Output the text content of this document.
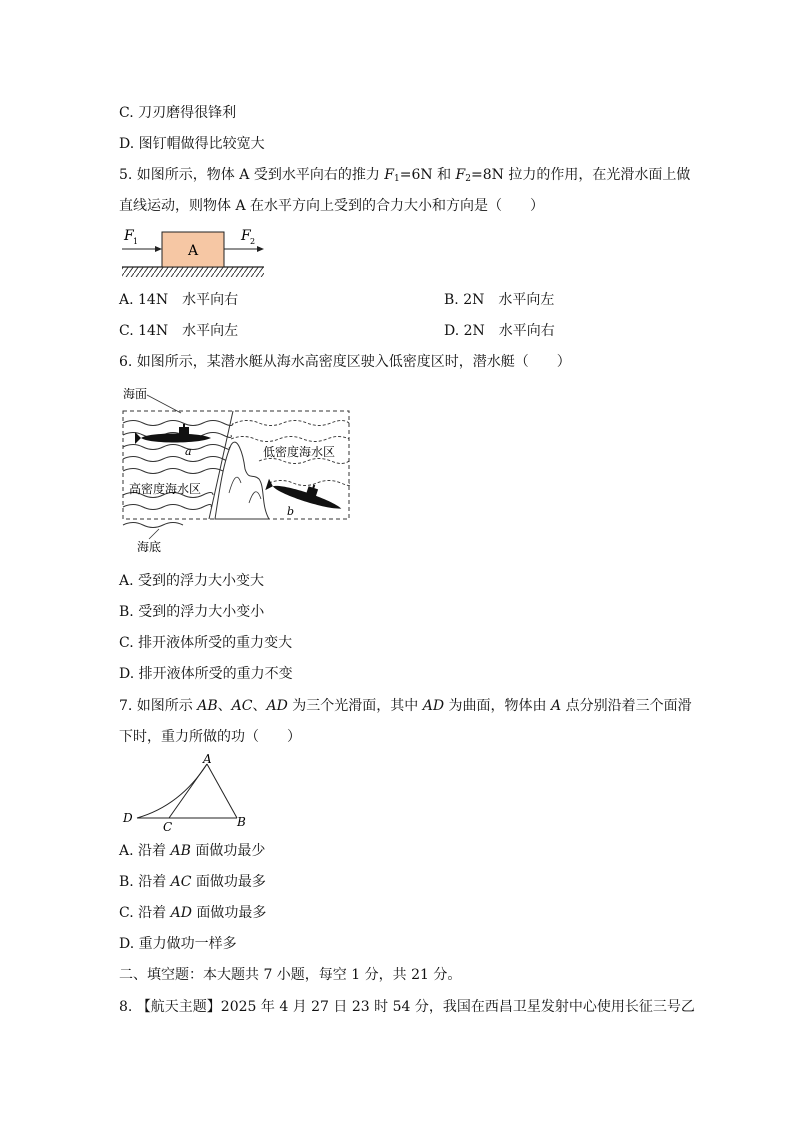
C. 刀刃磨得很锋利
D. 图钉帽做得比较宽大
5. 如图所示，物体 A 受到水平向右的推力 $F_1=6N$ 和 $F_2=8N$ 拉力的作用，在光滑水面上做
直线运动，则物体 A 在水平方向上受到的合力大小和方向是（　　）
A
F 1	F 2
A. 14N　水平向右	B. 2N　水平向左
C. 14N　水平向左	D. 2N　水平向右
6. 如图所示，某潜水艇从海水高密度区驶入低密度区时，潜水艇（　　）
海面
a	低密度海水区
高密度海水区
b
海底
A. 受到的浮力大小变大
B. 受到的浮力大小变小
C. 排开液体所受的重力变大
D. 排开液体所受的重力不变
7. 如图所示 AB、AC、AD 为三个光滑面，其中 AD 为曲面，物体由 A 点分别沿着三个面滑
下时，重力所做的功（　　）
A
B
C
D
A. 沿着 AB 面做功最少
B. 沿着 AC 面做功最多
C. 沿着 AD 面做功最多
D. 重力做功一样多
二、填空题：本大题共 7 小题，每空 1 分，共 21 分。
8. 【航天主题】2025 年 4 月 27 日 23 时 54 分，我国在西昌卫星发射中心使用长征三号乙
